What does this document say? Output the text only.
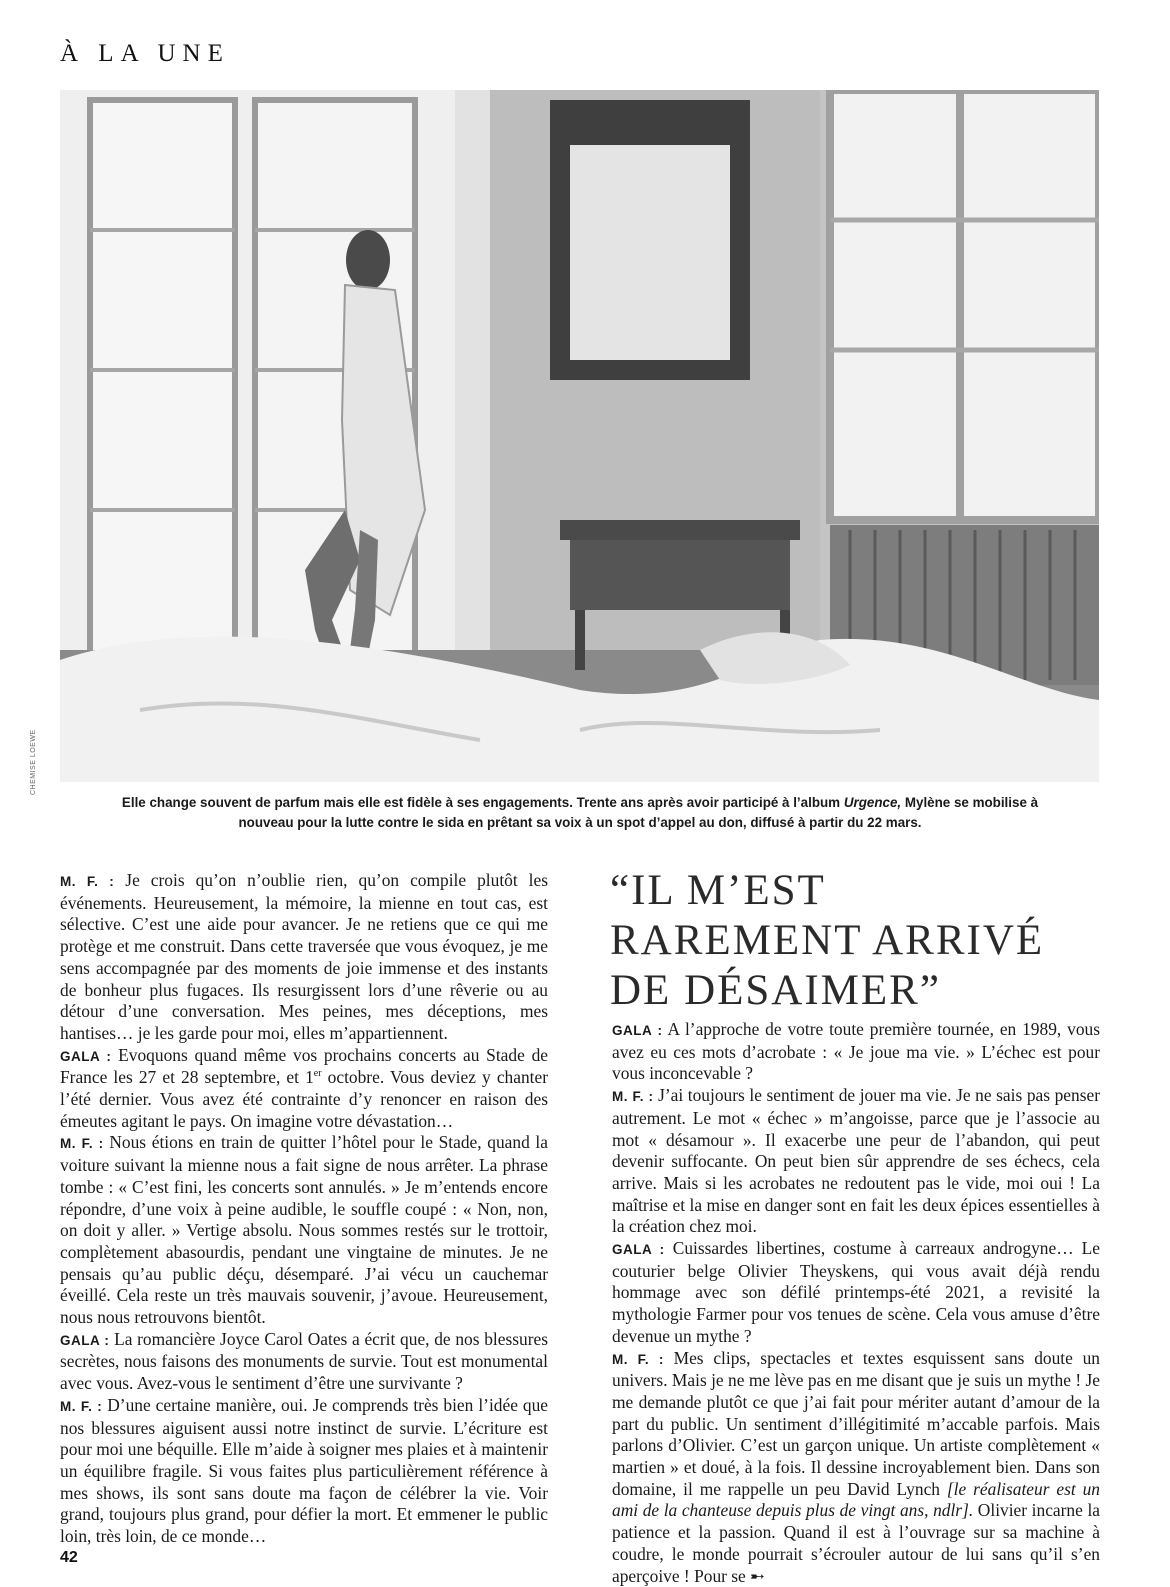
À LA UNE
CHEMISE LOEWE
Elle change souvent de parfum mais elle est fidèle à ses engagements. Trente ans après avoir participé à l’album Urgence, Mylène se mobilise à nouveau pour la lutte contre le sida en prêtant sa voix à un spot d’appel au don, diffusé à partir du 22 mars.
“IL M’EST RAREMENT ARRIVÉ DE DÉSAIMER”

M. F. : Je crois qu’on n’oublie rien, qu’on compile plutôt les événements. Heureusement, la mémoire, la mienne en tout cas, est sélective. C’est une aide pour avancer. Je ne retiens que ce qui me protège et me construit. Dans cette traversée que vous évoquez, je me sens accompagnée par des moments de joie immense et des instants de bonheur plus fugaces. Ils resurgissent lors d’une rêverie ou au détour d’une conversation. Mes peines, mes déceptions, mes hantises… je les garde pour moi, elles m’appartiennent.

GALA : Evoquons quand même vos prochains concerts au Stade de France les 27 et 28 septembre, et 1er octobre. Vous deviez y chanter l’été dernier. Vous avez été contrainte d’y renoncer en raison des émeutes agitant le pays. On imagine votre dévastation…

M. F. : Nous étions en train de quitter l’hôtel pour le Stade, quand la voiture suivant la mienne nous a fait signe de nous arrêter. La phrase tombe : « C’est fini, les concerts sont annulés. » Je m’entends encore répondre, d’une voix à peine audible, le souffle coupé : « Non, non, on doit y aller. » Vertige absolu. Nous sommes restés sur le trottoir, complètement abasourdis, pendant une vingtaine de minutes. Je ne pensais qu’au public déçu, désemparé. J’ai vécu un cauchemar éveillé. Cela reste un très mauvais souvenir, j’avoue. Heureusement, nous nous retrouvons bientôt.

GALA : La romancière Joyce Carol Oates a écrit que, de nos blessures secrètes, nous faisons des monuments de survie. Tout est monumental avec vous. Avez-vous le sentiment d’être une survivante ?

M. F. : D’une certaine manière, oui. Je comprends très bien l’idée que nos blessures aiguisent aussi notre instinct de survie. L’écriture est pour moi une béquille. Elle m’aide à soigner mes plaies et à maintenir un équilibre fragile. Si vous faites plus particulièrement référence à mes shows, ils sont sans doute ma façon de célébrer la vie. Voir grand, toujours plus grand, pour défier la mort. Et emmener le public loin, très loin, de ce monde…

GALA : A l’approche de votre toute première tournée, en 1989, vous avez eu ces mots d’acrobate : « Je joue ma vie. » L’échec est pour vous inconcevable ?

M. F. : J’ai toujours le sentiment de jouer ma vie. Je ne sais pas penser autrement. Le mot « échec » m’angoisse, parce que je l’associe au mot « désamour ». Il exacerbe une peur de l’abandon, qui peut devenir suffocante. On peut bien sûr apprendre de ses échecs, cela arrive. Mais si les acrobates ne redoutent pas le vide, moi oui ! La maîtrise et la mise en danger sont en fait les deux épices essentielles à la création chez moi.

GALA : Cuissardes libertines, costume à carreaux androgyne… Le couturier belge Olivier Theyskens, qui vous avait déjà rendu hommage avec son défilé printemps-été 2021, a revisité la mythologie Farmer pour vos tenues de scène. Cela vous amuse d’être devenue un mythe ?

M. F. : Mes clips, spectacles et textes esquissent sans doute un univers. Mais je ne me lève pas en me disant que je suis un mythe ! Je me demande plutôt ce que j’ai fait pour mériter autant d’amour de la part du public. Un sentiment d’illégitimité m’accable parfois. Mais parlons d’Olivier. C’est un garçon unique. Un artiste complètement « martien » et doué, à la fois. Il dessine incroyablement bien. Dans son domaine, il me rappelle un peu David Lynch [le réalisateur est un ami de la chanteuse depuis plus de vingt ans, ndlr]. Olivier incarne la patience et la passion. Quand il est à l’ouvrage sur sa machine à coudre, le monde pourrait s’écrouler autour de lui sans qu’il s’en aperçoive ! Pour se ➸

42
